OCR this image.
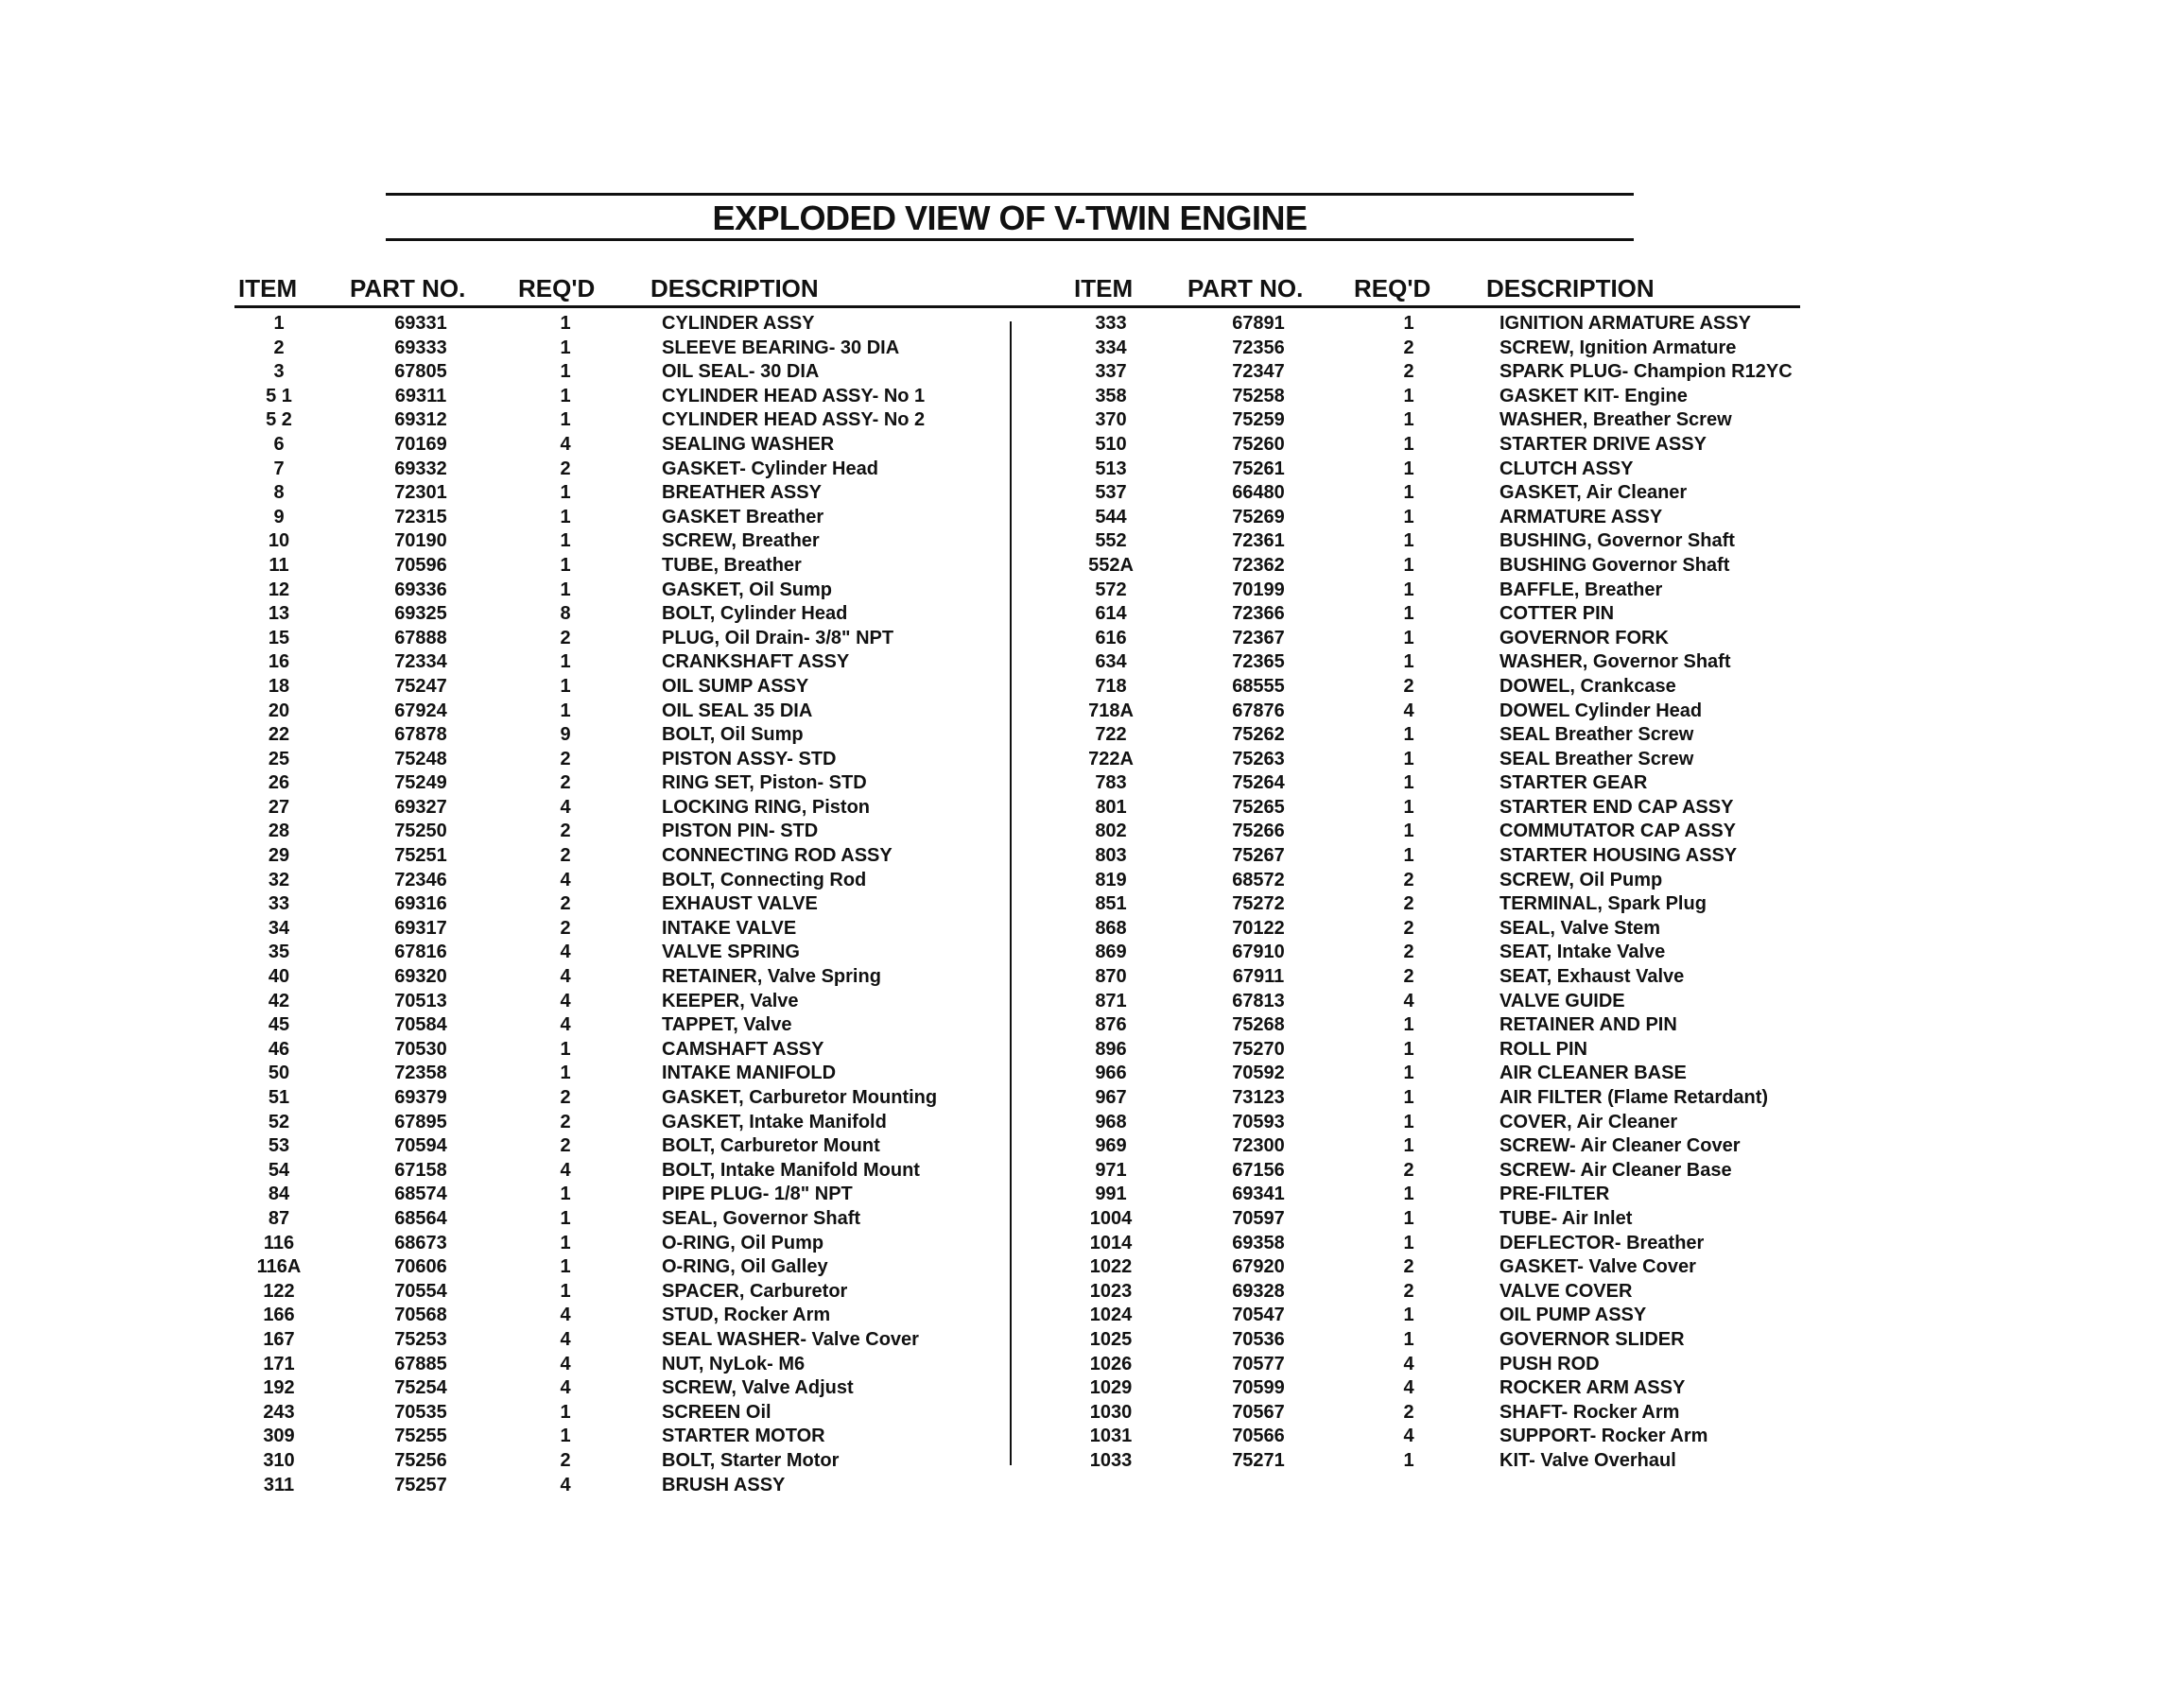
EXPLODED VIEW OF V-TWIN ENGINE
ITEM PART NO. REQ'D DESCRIPTION	ITEM PART NO. REQ'D DESCRIPTION
1	69331	1	CYLINDER ASSY
2	69333	1	SLEEVE BEARING- 30 DIA
3	67805	1	OIL SEAL- 30 DIA
5 1	69311	1	CYLINDER HEAD ASSY- No 1
5 2	69312	1	CYLINDER HEAD ASSY- No 2
6	70169	4	SEALING WASHER
7	69332	2	GASKET- Cylinder Head
8	72301	1	BREATHER ASSY
9	72315	1	GASKET Breather
10	70190	1	SCREW, Breather
11	70596	1	TUBE, Breather
12	69336	1	GASKET, Oil Sump
13	69325	8	BOLT, Cylinder Head
15	67888	2	PLUG, Oil Drain- 3/8" NPT
16	72334	1	CRANKSHAFT ASSY
18	75247	1	OIL SUMP ASSY
20	67924	1	OIL SEAL 35 DIA
22	67878	9	BOLT, Oil Sump
25	75248	2	PISTON ASSY- STD
26	75249	2	RING SET, Piston- STD
27	69327	4	LOCKING RING, Piston
28	75250	2	PISTON PIN- STD
29	75251	2	CONNECTING ROD ASSY
32	72346	4	BOLT, Connecting Rod
33	69316	2	EXHAUST VALVE
34	69317	2	INTAKE VALVE
35	67816	4	VALVE SPRING
40	69320	4	RETAINER, Valve Spring
42	70513	4	KEEPER, Valve
45	70584	4	TAPPET, Valve
46	70530	1	CAMSHAFT ASSY
50	72358	1	INTAKE MANIFOLD
51	69379	2	GASKET, Carburetor Mounting
52	67895	2	GASKET, Intake Manifold
53	70594	2	BOLT, Carburetor Mount
54	67158	4	BOLT, Intake Manifold Mount
84	68574	1	PIPE PLUG- 1/8" NPT
87	68564	1	SEAL, Governor Shaft
116	68673	1	O-RING, Oil Pump
116A	70606	1	O-RING, Oil Galley
122	70554	1	SPACER, Carburetor
166	70568	4	STUD, Rocker Arm
167	75253	4	SEAL WASHER- Valve Cover
171	67885	4	NUT, NyLok- M6
192	75254	4	SCREW, Valve Adjust
243	70535	1	SCREEN Oil
309	75255	1	STARTER MOTOR
310	75256	2	BOLT, Starter Motor
311	75257	4	BRUSH ASSY
333	67891	1	IGNITION ARMATURE ASSY
334	72356	2	SCREW, Ignition Armature
337	72347	2	SPARK PLUG- Champion R12YC
358	75258	1	GASKET KIT- Engine
370	75259	1	WASHER, Breather Screw
510	75260	1	STARTER DRIVE ASSY
513	75261	1	CLUTCH ASSY
537	66480	1	GASKET, Air Cleaner
544	75269	1	ARMATURE ASSY
552	72361	1	BUSHING, Governor Shaft
552A	72362	1	BUSHING Governor Shaft
572	70199	1	BAFFLE, Breather
614	72366	1	COTTER PIN
616	72367	1	GOVERNOR FORK
634	72365	1	WASHER, Governor Shaft
718	68555	2	DOWEL, Crankcase
718A	67876	4	DOWEL Cylinder Head
722	75262	1	SEAL Breather Screw
722A	75263	1	SEAL Breather Screw
783	75264	1	STARTER GEAR
801	75265	1	STARTER END CAP ASSY
802	75266	1	COMMUTATOR CAP ASSY
803	75267	1	STARTER HOUSING ASSY
819	68572	2	SCREW, Oil Pump
851	75272	2	TERMINAL, Spark Plug
868	70122	2	SEAL, Valve Stem
869	67910	2	SEAT, Intake Valve
870	67911	2	SEAT, Exhaust Valve
871	67813	4	VALVE GUIDE
876	75268	1	RETAINER AND PIN
896	75270	1	ROLL PIN
966	70592	1	AIR CLEANER BASE
967	73123	1	AIR FILTER (Flame Retardant)
968	70593	1	COVER, Air Cleaner
969	72300	1	SCREW- Air Cleaner Cover
971	67156	2	SCREW- Air Cleaner Base
991	69341	1	PRE-FILTER
1004	70597	1	TUBE- Air Inlet
1014	69358	1	DEFLECTOR- Breather
1022	67920	2	GASKET- Valve Cover
1023	69328	2	VALVE COVER
1024	70547	1	OIL PUMP ASSY
1025	70536	1	GOVERNOR SLIDER
1026	70577	4	PUSH ROD
1029	70599	4	ROCKER ARM ASSY
1030	70567	2	SHAFT- Rocker Arm
1031	70566	4	SUPPORT- Rocker Arm
1033	75271	1	KIT- Valve Overhaul
